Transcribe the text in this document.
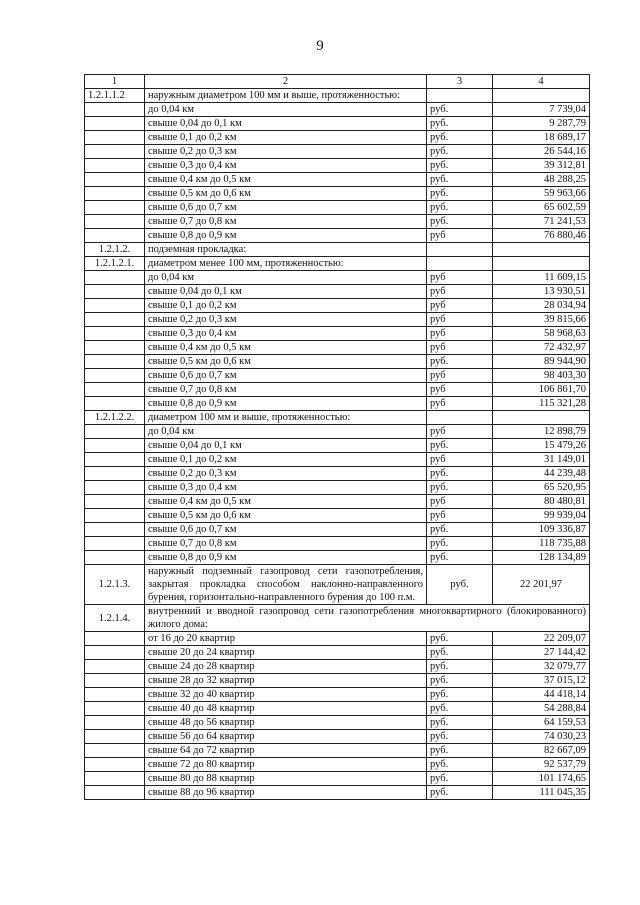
9
1	2	3	4
1.2.1.1.2	наружным диаметром 100 мм и выше, протяженностью:		
	до 0,04 км	руб.	7 739,04
	свыше 0,04 до 0,1 км	руб.	9 287,79
	свыше 0,1 до 0,2 км	руб.	18 689,17
	свыше 0,2 до 0,3 км	руб.	26 544,16
	свыше 0,3 до 0,4 км	руб.	39 312,81
	свыше 0,4 км до 0,5 км	руб.	48 288,25
	свыше 0,5 км до 0,6 км	руб.	59 963,66
	свыше 0,6 до 0,7 км	руб.	65 602,59
	свыше 0,7 до 0,8 км	руб.	71 241,53
	свыше 0,8 до 0,9 км	руб	76 880,46
1.2.1.2.	подземная прокладка:		
1.2.1.2.1.	диаметром менее 100 мм, протяженностью:		
	до 0,04 км	руб	11 609,15
	свыше 0,04 до 0,1 км	руб	13 930,51
	свыше 0,1 до 0,2 км	руб	28 034,94
	свыше 0,2 до 0,3 км	руб	39 815,66
	свыше 0,3 до 0,4 км	руб	58 968,63
	свыше 0,4 км до 0,5 км	руб	72 432,97
	свыше 0,5 км до 0,6 км	руб.	89 944,90
	свыше 0,6 до 0,7 км	руб	98 403,30
	свыше 0,7 до 0,8 км	руб	106 861,70
	свыше 0,8 до 0,9 км	руб	115 321,28
1.2.1.2.2.	диаметром 100 мм и выше, протяженностью:		
	до 0,04 км	руб	12 898,79
	свыше 0,04 до 0,1 км	руб.	15 479,26
	свыше 0,1 до 0,2 км	руб	31 149,01
	свыше 0,2 до 0,3 км	руб.	44 239,48
	свыше 0,3 до 0,4 км	руб.	65 520,95
	свыше 0,4 км до 0,5 км	руб	80 480,81
	свыше 0,5 км до 0,6 км	руб	99 939,04
	свыше 0,6 до 0,7 км	руб.	109 336,87
	свыше 0,7 до 0,8 км	руб.	118 735,88
	свыше 0,8 до 0,9 км	руб.	128 134,89
1.2.1.3.	наружный подземный газопровод сети газопотребления, закрытая прокладка способом наклонно-направленного бурения, горизонтально-направленного бурения до 100 п.м.	руб.	22 201,97
1.2.1.4.	внутренний и вводной газопровод сети газопотребления многоквартирного (блокированного) жилого дома:		
	от 16 до 20 квартир	руб.	22 209,07
	свыше 20 до 24 квартир	руб.	27 144,42
	свыше 24 до 28 квартир	руб.	32 079,77
	свыше 28 до 32 квартир	руб.	37 015,12
	свыше 32 до 40 квартир	руб.	44 418,14
	свыше 40 до 48 квартир	руб.	54 288,84
	свыше 48 до 56 квартир	руб.	64 159,53
	свыше 56 до 64 квартир	руб.	74 030,23
	свыше 64 до 72 квартир	руб.	82 667,09
	свыше 72 до 80 квартир	руб.	92 537,79
	свыше 80 до 88 квартир	руб.	101 174,65
	свыше 88 до 96 квартир	руб.	111 045,35
